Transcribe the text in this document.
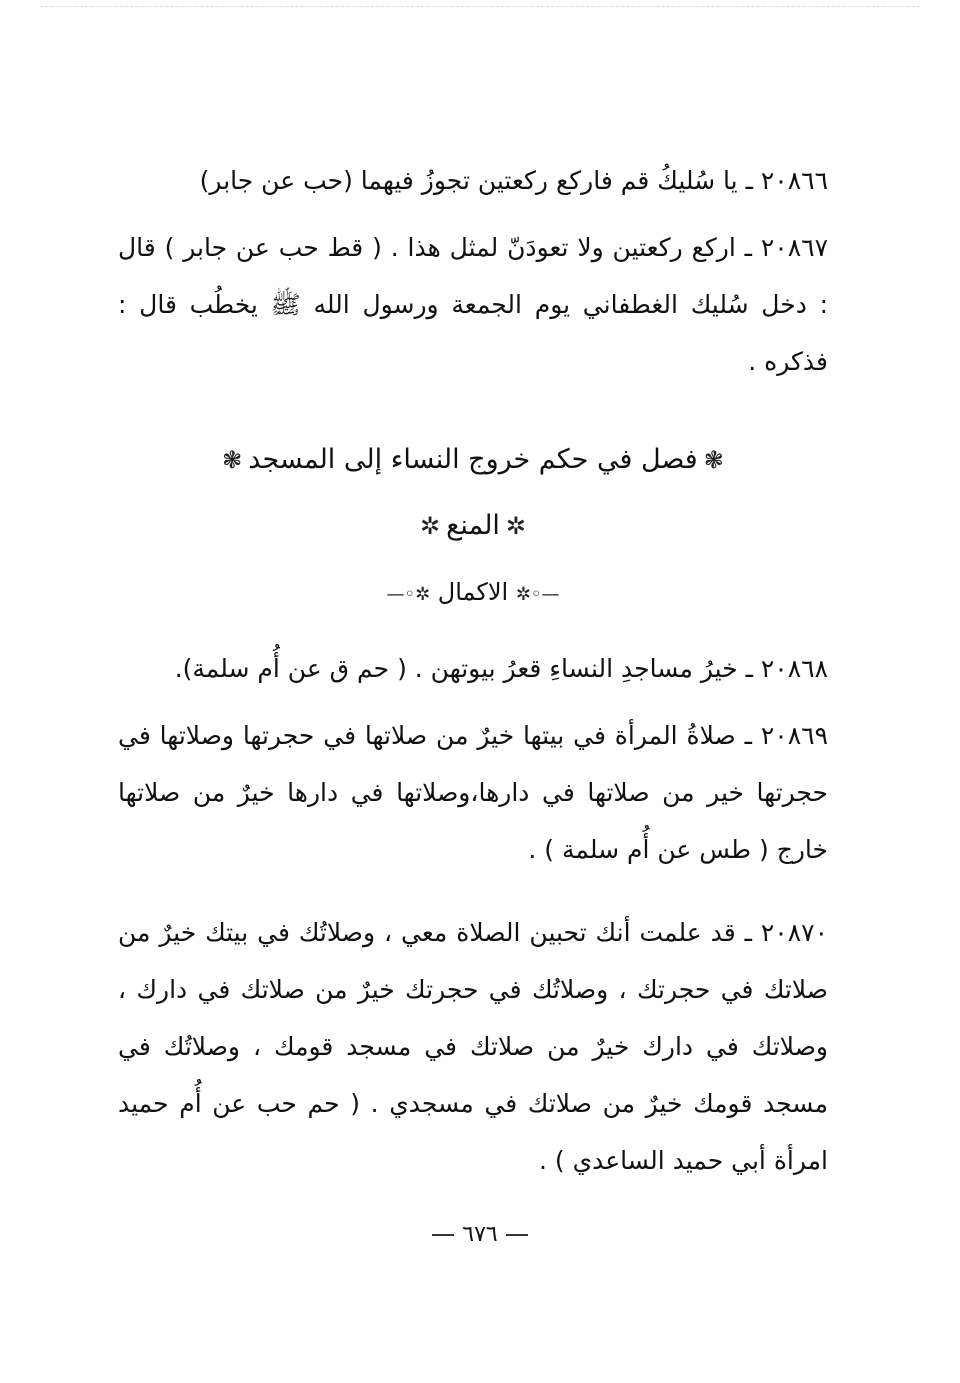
٢٠٨٦٦ ـ يا سُليكُ قم فاركع ركعتين تجوزُ فيهما (حب عن جابر)

٢٠٨٦٧ ـ اركع ركعتين ولا تعودَنّ لمثل هذا . ( قط حب عن جابر ) قال : دخل سُليك الغطفاني يوم الجمعة ورسول الله ﷺ يخطُب قال : فذكره .

❃فصل في حكم خروج النساء إلى المسجد❃
✲المنع✲
—◦✲ الاكمال ✲◦—

٢٠٨٦٨ ـ خيرُ مساجدِ النساءِ قعرُ بيوتهن . ( حم ق عن أُم سلمة).

٢٠٨٦٩ ـ صلاةُ المرأة في بيتها خيرٌ من صلاتها في حجرتها وصلاتها في حجرتها خير من صلاتها في دارها،وصلاتها في دارها خيرٌ من صلاتها خارج ( طس عن أُم سلمة ) .

٢٠٨٧٠ ـ قد علمت أنك تحبين الصلاة معي ، وصلاتُك في بيتك خيرٌ من صلاتك في حجرتك ، وصلاتُك في حجرتك خيرٌ من صلاتك في دارك ، وصلاتك في دارك خيرٌ من صلاتك في مسجد قومك ، وصلاتُك في مسجد قومك خيرٌ من صلاتك في مسجدي . ( حم حب عن أُم حميد امرأة أبي حميد الساعدي ) .

٦٧٦
